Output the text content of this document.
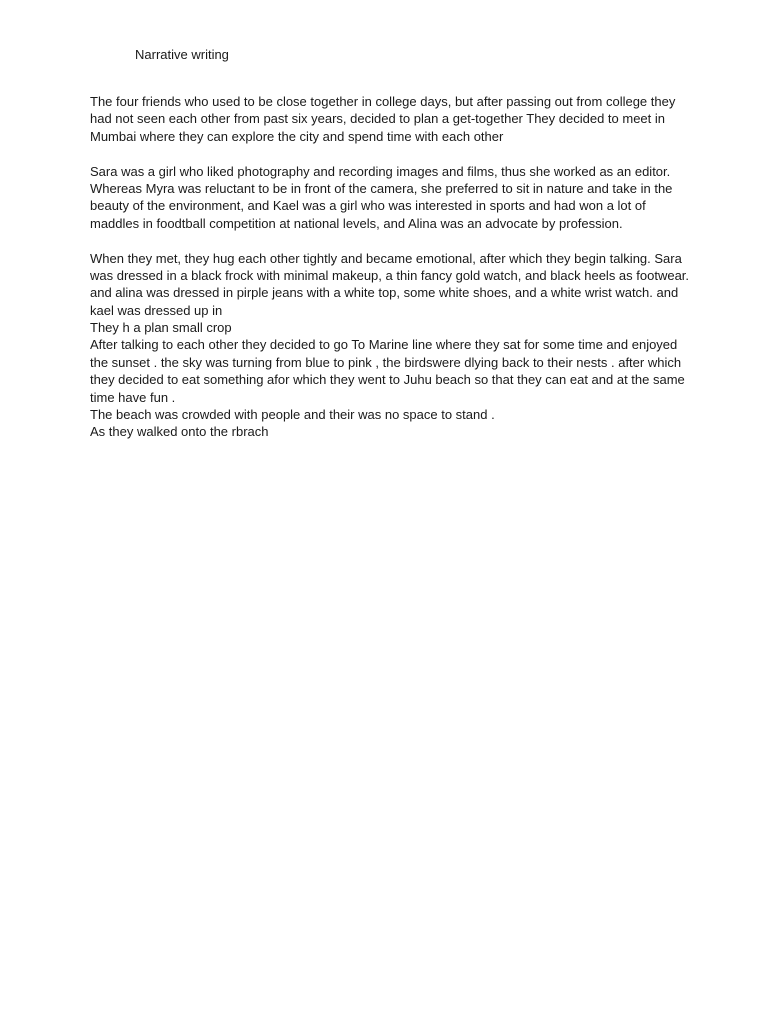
Narrative writing
The four friends who used to be close together in college days, but after passing out from college they
had not seen each other from past six years, decided to plan a get-together They decided to meet in
Mumbai where they can explore the city and spend time with each other
Sara was a girl who liked photography and recording images and films, thus she worked as an editor.
Whereas Myra was reluctant to be in front of the camera, she preferred to sit in nature and take in the
beauty of the environment, and Kael was a girl who was interested in sports and had won a lot of
maddles in foodtball competition at national levels, and Alina was an advocate by profession.
When they met, they hug each other tightly and became emotional, after which they begin talking. Sara
was dressed in a black frock with minimal makeup, a thin fancy gold watch, and black heels as footwear.
and alina was dressed in pirple jeans with a white top, some white shoes, and a white wrist watch. and
kael was dressed up in
They h a plan small crop
After talking to each other they decided to go To Marine line where they sat for some time and enjoyed
the sunset . the sky was turning from blue to pink , the birdswere dlying back to their nests . after which
they decided to eat something afor which they went to Juhu beach so that they can eat and at the same
time have fun .
The beach was crowded with people and their was no space to stand .
As they walked onto the rbrach
